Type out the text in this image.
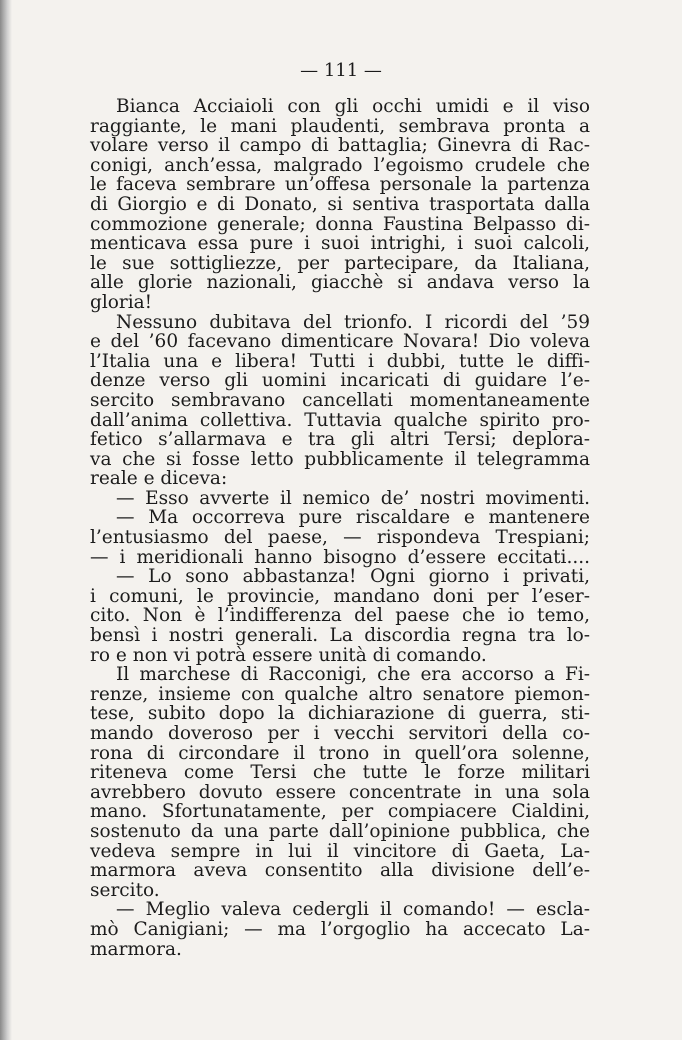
— 111 —
Bianca Acciaioli con gli occhi umidi e il viso
raggiante, le mani plaudenti, sembrava pronta a
volare verso il campo di battaglia; Ginevra di Rac-
conigi, anch’essa, malgrado l’egoismo crudele che
le faceva sembrare un’offesa personale la partenza
di Giorgio e di Donato, si sentiva trasportata dalla
commozione generale; donna Faustina Belpasso di-
menticava essa pure i suoi intrighi, i suoi calcoli,
le sue sottigliezze, per partecipare, da Italiana,
alle glorie nazionali, giacchè si andava verso la
gloria!
Nessuno dubitava del trionfo. I ricordi del ’59
e del ’60 facevano dimenticare Novara! Dio voleva
l’Italia una e libera! Tutti i dubbi, tutte le diffi-
denze verso gli uomini incaricati di guidare l’e-
sercito sembravano cancellati momentaneamente
dall’anima collettiva. Tuttavia qualche spirito pro-
fetico s’allarmava e tra gli altri Tersi; deplora-
va che si fosse letto pubblicamente il telegramma
reale e diceva:
— Esso avverte il nemico de’ nostri movimenti.
— Ma occorreva pure riscaldare e mantenere
l’entusiasmo del paese, — rispondeva Trespiani;
— i meridionali hanno bisogno d’essere eccitati....
— Lo sono abbastanza! Ogni giorno i privati,
i comuni, le provincie, mandano doni per l’eser-
cito. Non è l’indifferenza del paese che io temo,
bensì i nostri generali. La discordia regna tra lo-
ro e non vi potrà essere unità di comando.
Il marchese di Racconigi, che era accorso a Fi-
renze, insieme con qualche altro senatore piemon-
tese, subito dopo la dichiarazione di guerra, sti-
mando doveroso per i vecchi servitori della co-
rona di circondare il trono in quell’ora solenne,
riteneva come Tersi che tutte le forze militari
avrebbero dovuto essere concentrate in una sola
mano. Sfortunatamente, per compiacere Cialdini,
sostenuto da una parte dall’opinione pubblica, che
vedeva sempre in lui il vincitore di Gaeta, La-
marmora aveva consentito alla divisione dell’e-
sercito.
— Meglio valeva cedergli il comando! — escla-
mò Canigiani; — ma l’orgoglio ha accecato La-
marmora.
